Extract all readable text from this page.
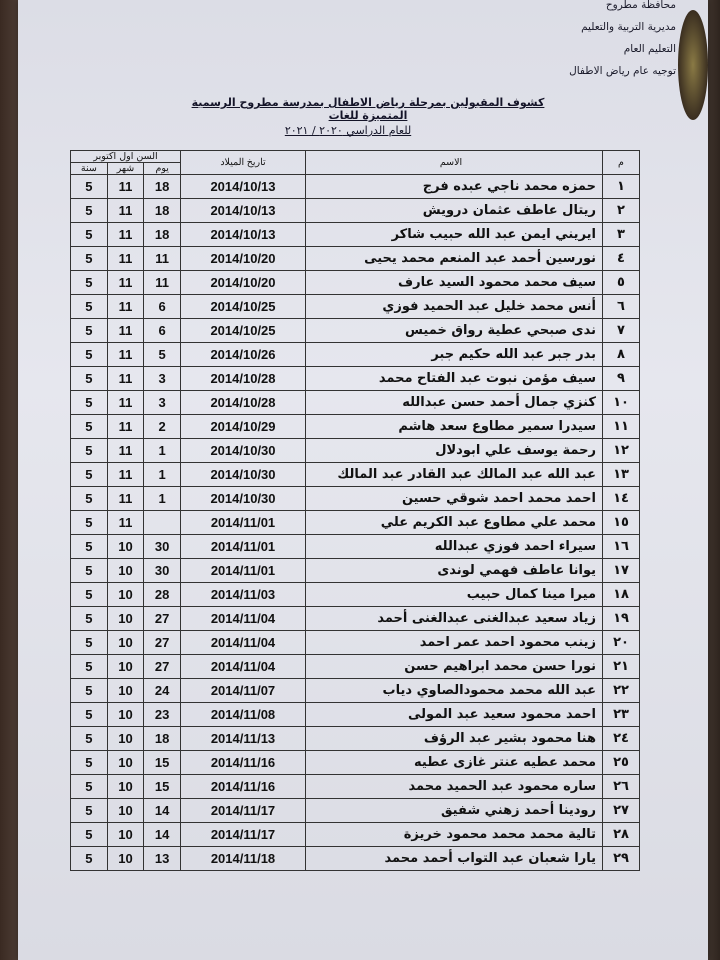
محافظة مطروح
مديرية التربية والتعليم
التعليم العام
توجيه عام رياض الاطفال
كشوف المقبولين بمرحلة رياض الاطفال بمدرسة مطروح الرسمية المتميزة للغات
للعام الدراسي ٢٠٢٠ / ٢٠٢١
السن اول اكتوبر			تاريخ الميلاد	الاسم	م
سنة	شهر	يوم			
5	11	18	2014/10/13	حمزه محمد ناجي عبده فرج	١
5	11	18	2014/10/13	ريتال عاطف عثمان درويش	٢
5	11	18	2014/10/13	ايريني ايمن عبد الله حبيب شاكر	٣
5	11	11	2014/10/20	نورسين أحمد عبد المنعم محمد يحيى	٤
5	11	11	2014/10/20	سيف محمد محمود السيد عارف	٥
5	11	6	2014/10/25	أنس محمد خليل عبد الحميد فوزي	٦
5	11	6	2014/10/25	ندى صبحي عطية رواق خميس	٧
5	11	5	2014/10/26	بدر جبر عبد الله حكيم جبر	٨
5	11	3	2014/10/28	سيف مؤمن نبوت عبد الفتاح محمد	٩
5	11	3	2014/10/28	كنزي جمال أحمد حسن عبدالله	١٠
5	11	2	2014/10/29	سيدرا سمير مطاوع سعد هاشم	١١
5	11	1	2014/10/30	رحمة يوسف علي ابودلال	١٢
5	11	1	2014/10/30	عبد الله عبد المالك عبد القادر عبد المالك	١٣
5	11	1	2014/10/30	احمد محمد احمد شوقي حسين	١٤
5	11		2014/11/01	محمد علي مطاوع عبد الكريم علي	١٥
5	10	30	2014/11/01	سيراء احمد فوزي عبدالله	١٦
5	10	30	2014/11/01	يوانا عاطف فهمي لوندى	١٧
5	10	28	2014/11/03	ميرا مينا كمال حبيب	١٨
5	10	27	2014/11/04	زياد سعيد عبدالغنى عبدالغنى أحمد	١٩
5	10	27	2014/11/04	زينب محمود احمد عمر احمد	٢٠
5	10	27	2014/11/04	نورا حسن محمد ابراهيم حسن	٢١
5	10	24	2014/11/07	عبد الله محمد محمودالصاوي دياب	٢٢
5	10	23	2014/11/08	احمد محمود سعيد عبد المولى	٢٣
5	10	18	2014/11/13	هنا محمود بشير عبد الرؤف	٢٤
5	10	15	2014/11/16	محمد عطيه عنتر غازى عطيه	٢٥
5	10	15	2014/11/16	ساره محمود عبد الحميد محمد	٢٦
5	10	14	2014/11/17	رودينا أحمد زهني شفيق	٢٧
5	10	14	2014/11/17	تالية محمد محمد محمود خريزة	٢٨
5	10	13	2014/11/18	يارا شعبان عبد التواب أحمد محمد	٢٩
